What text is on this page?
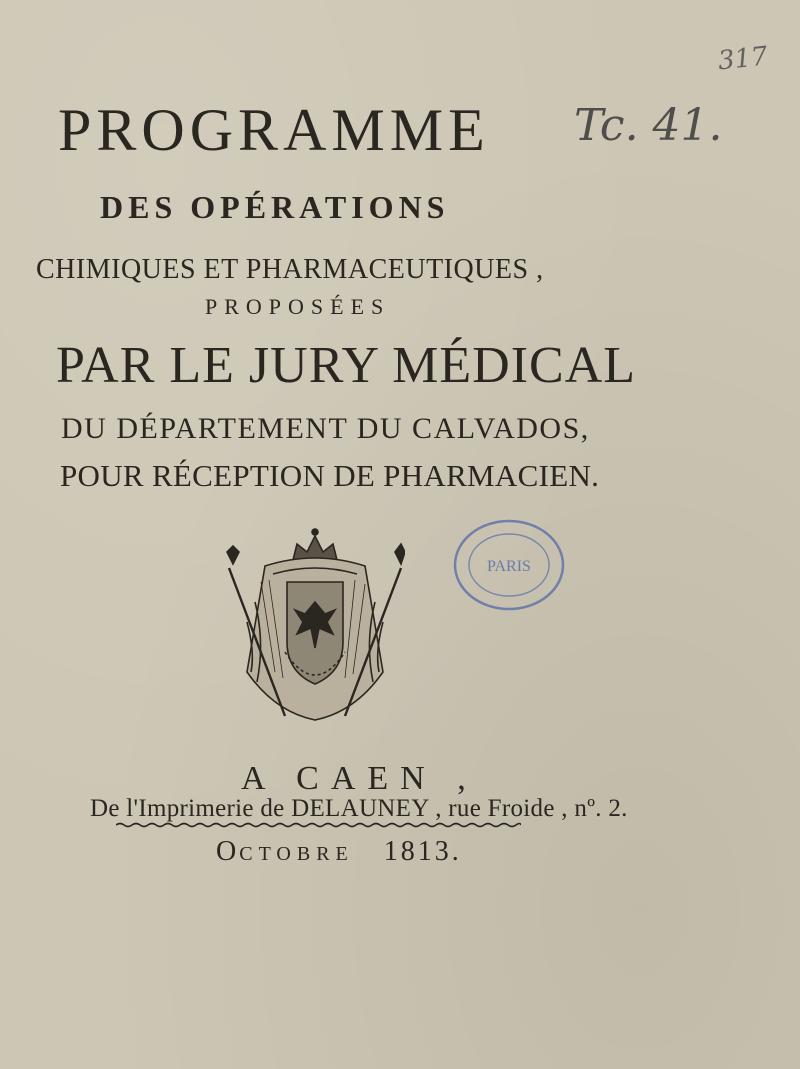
317
PROGRAMME Tc. 41.
DES OPÉRATIONS
CHIMIQUES ET PHARMACEUTIQUES ,
PROPOSÉES
PAR LE JURY MÉDICAL
DU DÉPARTEMENT DU CALVADOS,
POUR RÉCEPTION DE PHARMACIEN.
PARIS
A CAEN ,
De l'Imprimerie de DELAUNEY , rue Froide , nº. 2.
OCTOBRE 1813.
